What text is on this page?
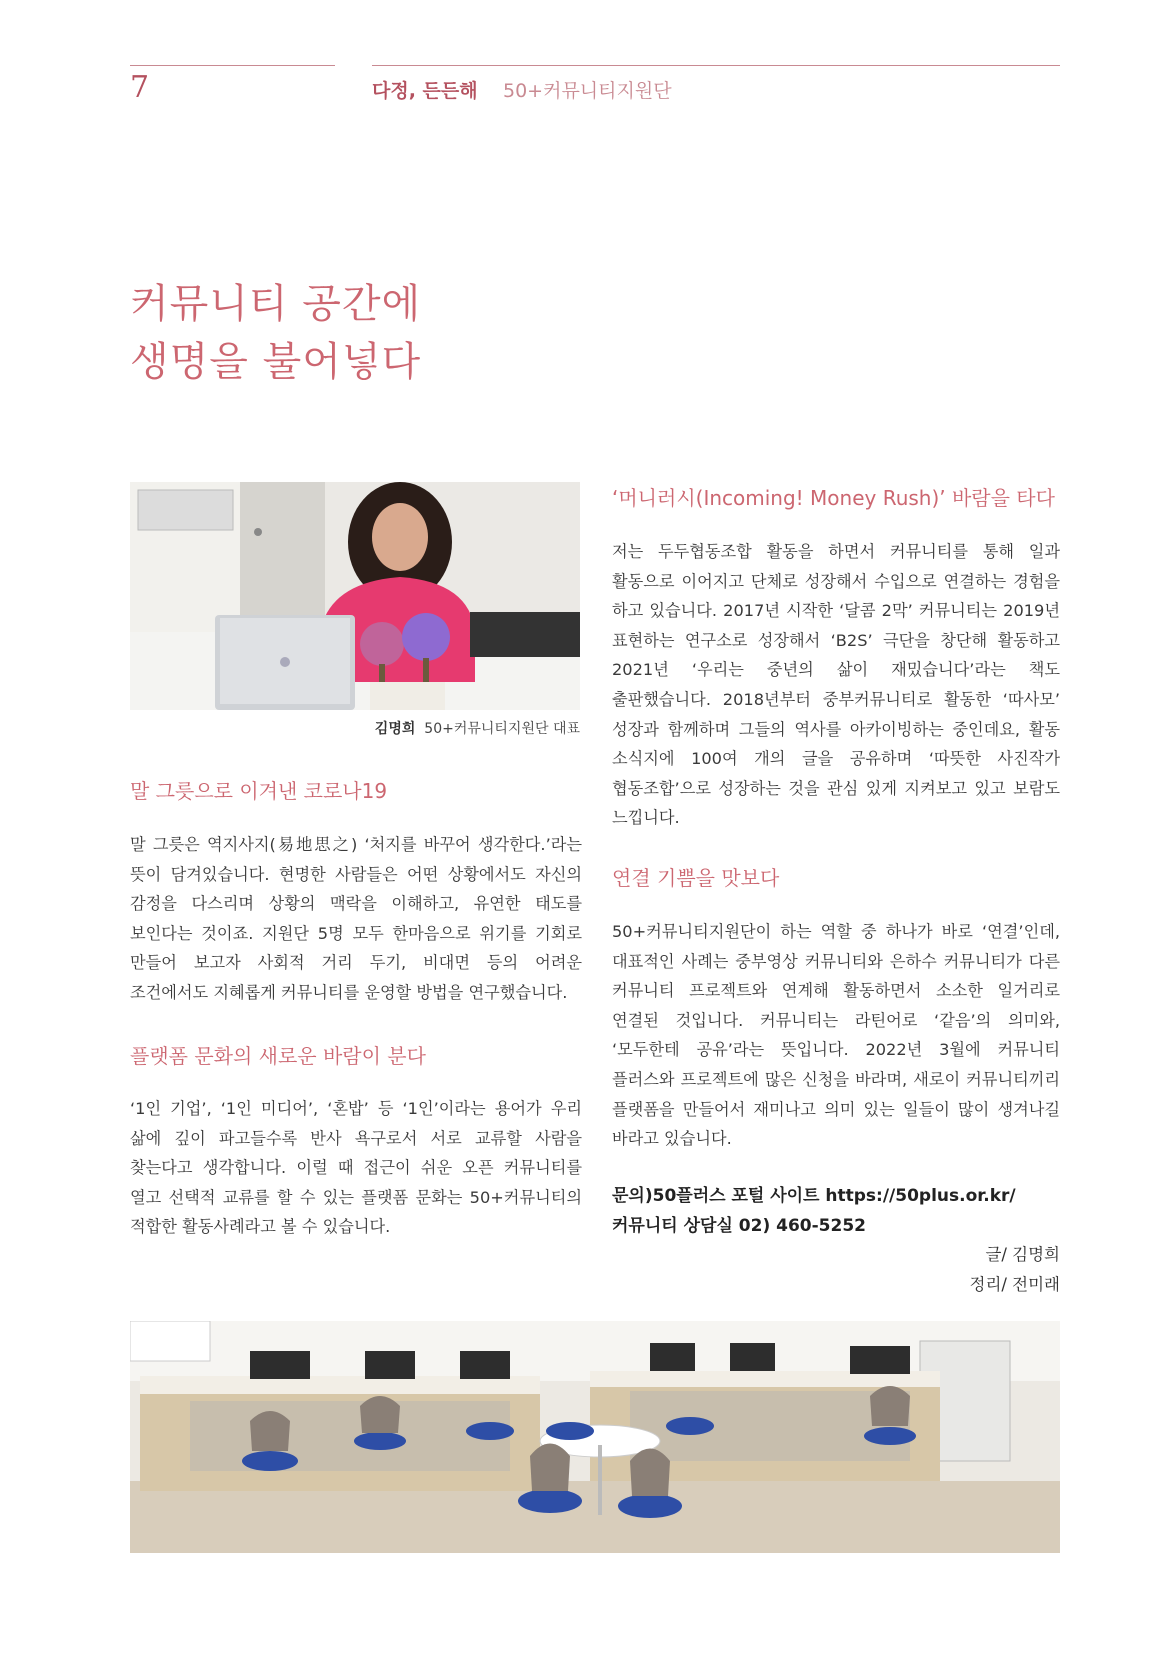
7	다정, 든든해 50+커뮤니티지원단
커뮤니티 공간에
생명을 불어넣다
김명희 50+커뮤니티지원단 대표
말 그릇으로 이겨낸 코로나19

말 그릇은 역지사지(易地思之) ‘처지를 바꾸어 생각한다.’라는 뜻이 담겨있습니다. 현명한 사람들은 어떤 상황에서도 자신의 감정을 다스리며 상황의 맥락을 이해하고, 유연한 태도를 보인다는 것이죠. 지원단 5명 모두 한마음으로 위기를 기회로 만들어 보고자 사회적 거리 두기, 비대면 등의 어려운 조건에서도 지혜롭게 커뮤니티를 운영할 방법을 연구했습니다.

플랫폼 문화의 새로운 바람이 분다

‘1인 기업’, ‘1인 미디어’, ‘혼밥’ 등 ‘1인’이라는 용어가 우리 삶에 깊이 파고들수록 반사 욕구로서 서로 교류할 사람을 찾는다고 생각합니다. 이럴 때 접근이 쉬운 오픈 커뮤니티를 열고 선택적 교류를 할 수 있는 플랫폼 문화는 50+커뮤니티의 적합한 활동사례라고 볼 수 있습니다.

‘머니러시(Incoming! Money Rush)’ 바람을 타다

저는 두두협동조합 활동을 하면서 커뮤니티를 통해 일과 활동으로 이어지고 단체로 성장해서 수입으로 연결하는 경험을 하고 있습니다. 2017년 시작한 ‘달콤 2막’ 커뮤니티는 2019년 표현하는 연구소로 성장해서 ‘B2S’ 극단을 창단해 활동하고 2021년 ‘우리는 중년의 삶이 재밌습니다’라는 책도 출판했습니다. 2018년부터 중부커뮤니티로 활동한 ‘따사모’ 성장과 함께하며 그들의 역사를 아카이빙하는 중인데요, 활동 소식지에 100여 개의 글을 공유하며 ‘따뜻한 사진작가 협동조합’으로 성장하는 것을 관심 있게 지켜보고 있고 보람도 느낍니다.

연결 기쁨을 맛보다

50+커뮤니티지원단이 하는 역할 중 하나가 바로 ‘연결’인데, 대표적인 사례는 중부영상 커뮤니티와 은하수 커뮤니티가 다른 커뮤니티 프로젝트와 연계해 활동하면서 소소한 일거리로 연결된 것입니다. 커뮤니티는 라틴어로 ‘같음’의 의미와, ‘모두한테 공유’라는 뜻입니다. 2022년 3월에 커뮤니티 플러스와 프로젝트에 많은 신청을 바라며, 새로이 커뮤니티끼리 플랫폼을 만들어서 재미나고 의미 있는 일들이 많이 생겨나길 바라고 있습니다.

문의)50플러스 포털 사이트 https://50plus.or.kr/
커뮤니티 상담실 02) 460-5252
글/ 김명희
정리/ 전미래
